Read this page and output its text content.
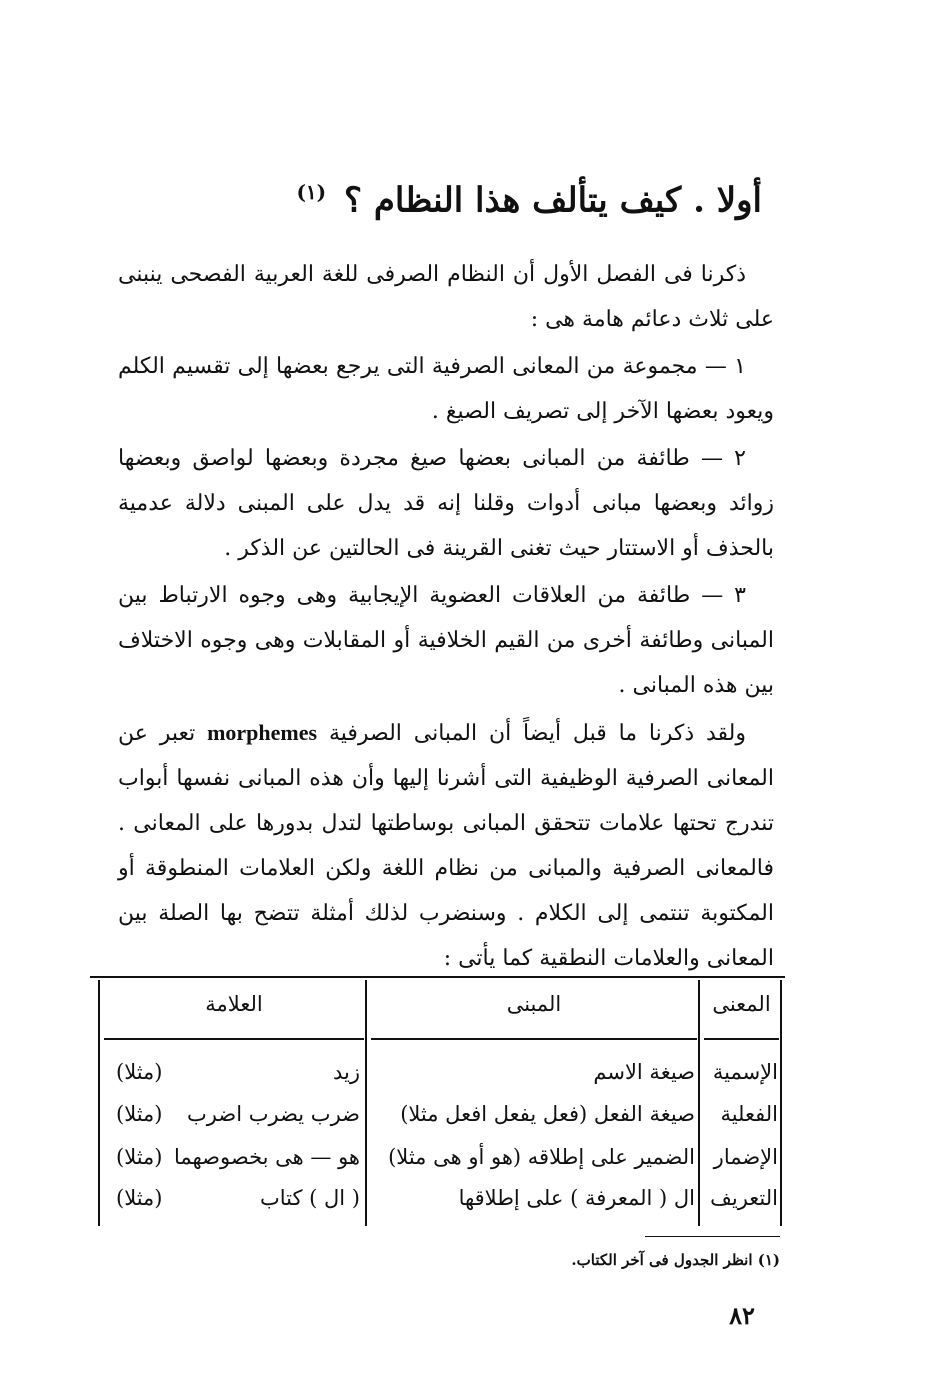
أولا . كيف يتألف هذا النظام ؟ $^{(١)}$

ذكرنا فى الفصل الأول أن النظام الصرفى للغة العربية الفصحى ينبنى على ثلاث دعائم هامة هى :

١ — مجموعة من المعانى الصرفية التى يرجع بعضها إلى تقسيم الكلم ويعود بعضها الآخر إلى تصريف الصيغ .

٢ — طائفة من المبانى بعضها صيغ مجردة وبعضها لواصق وبعضها زوائد وبعضها مبانى أدوات وقلنا إنه قد يدل على المبنى دلالة عدمية بالحذف أو الاستتار حيث تغنى القرينة فى الحالتين عن الذكر .

٣ — طائفة من العلاقات العضوية الإيجابية وهى وجوه الارتباط بين المبانى وطائفة أخرى من القيم الخلافية أو المقابلات وهى وجوه الاختلاف بين هذه المبانى .

ولقد ذكرنا ما قبل أيضاً أن المبانى الصرفية morphemes تعبر عن المعانى الصرفية الوظيفية التى أشرنا إليها وأن هذه المبانى نفسها أبواب تندرج تحتها علامات تتحقق المبانى بوساطتها لتدل بدورها على المعانى . فالمعانى الصرفية والمبانى من نظام اللغة ولكن العلامات المنطوقة أو المكتوبة تنتمى إلى الكلام . وسنضرب لذلك أمثلة تتضح بها الصلة بين المعانى والعلامات النطقية كما يأتى :

العلامة	المبنى	المعنى
الإسمية
صيغة الاسم
زيد
(مثلا)
الفعلية
صيغة الفعل (فعل يفعل افعل مثلا)
ضرب يضرب اضرب
(مثلا)
الإضمار
الضمير على إطلاقه (هو أو هى مثلا)
هو — هى بخصوصهما
(مثلا)
التعريف
ال ( المعرفة ) على إطلاقها
( ال ) كتاب
(مثلا)
(١) انظر الجدول فى آخر الكتاب.
٨٢
